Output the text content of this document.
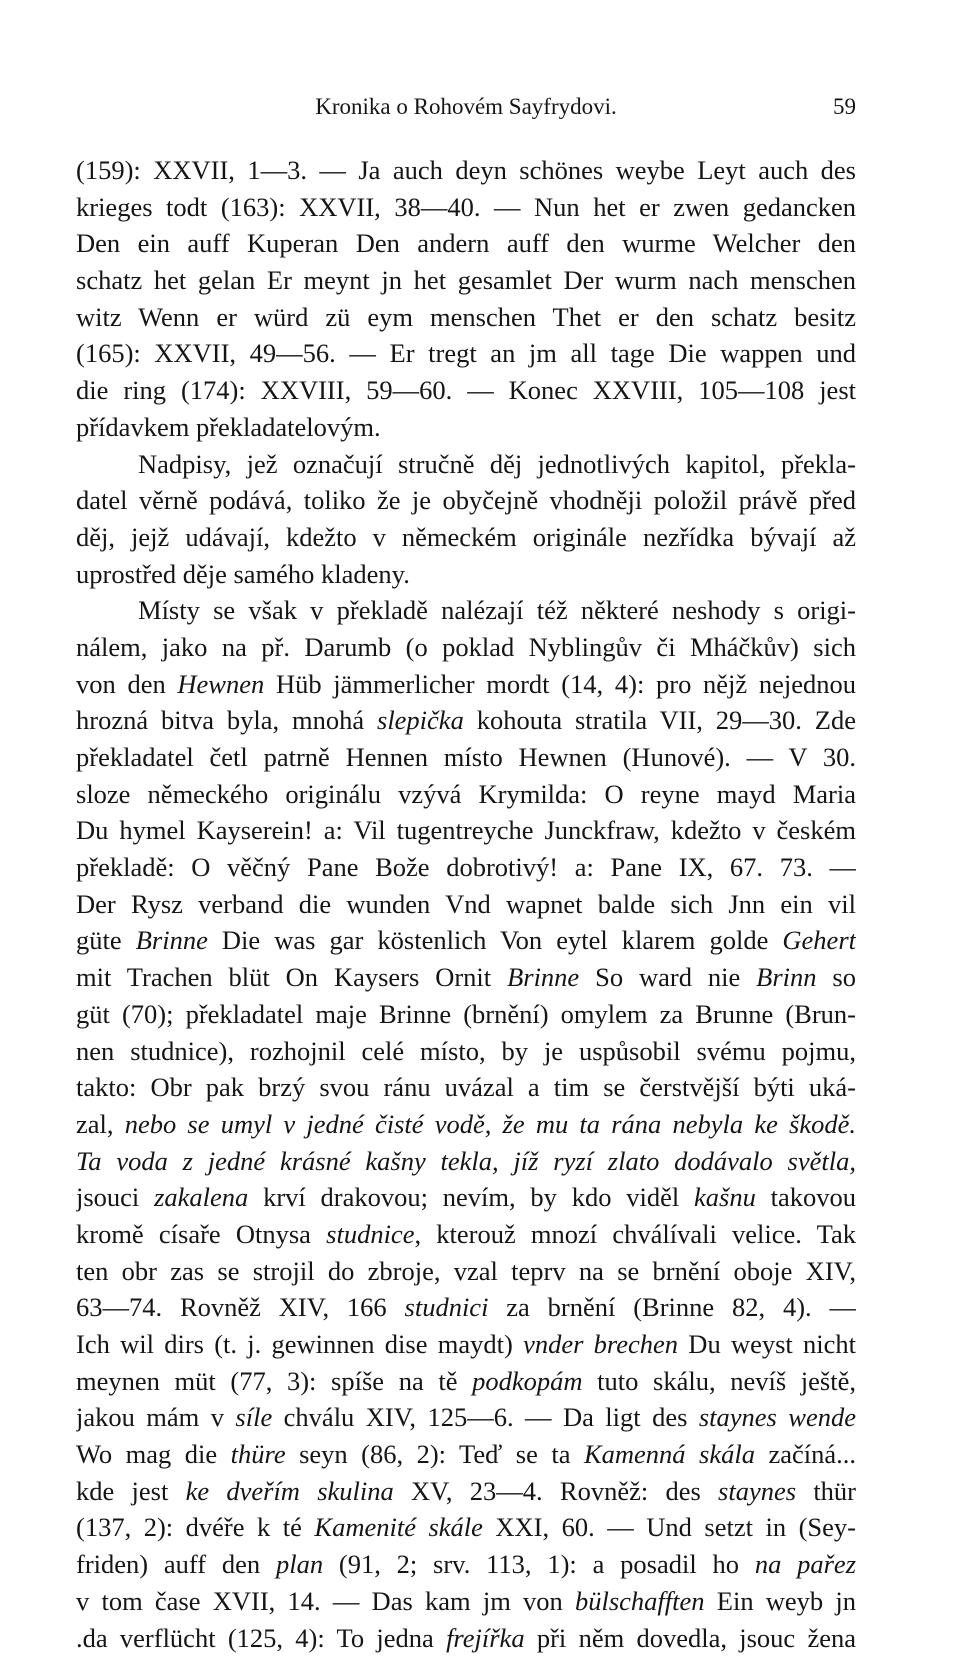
Kronika o Rohovém Sayfrydovi.	59
(159): XXVII, 1—3. — Ja auch deyn schönes weybe Leyt auch des
krieges todt (163): XXVII, 38—40. — Nun het er zwen gedancken
Den ein auff Kuperan Den andern auff den wurme Welcher den
schatz het gelan Er meynt jn het gesamlet Der wurm nach menschen
witz Wenn er würd zü eym menschen Thet er den schatz besitz
(165): XXVII, 49—56. — Er tregt an jm all tage Die wappen und
die ring (174): XXVIII, 59—60. — Konec XXVIII, 105—108 jest
přídavkem překladatelovým.
Nadpisy, jež označují stručně děj jednotlivých kapitol, překla-
datel věrně podává, toliko že je obyčejně vhodněji položil právě před
děj, jejž udávají, kdežto v německém originále nezřídka bývají až
uprostřed děje samého kladeny.
Místy se však v překladě nalézají též některé neshody s origi-
nálem, jako na př. Darumb (o poklad Nyblingův či Mháčkův) sich
von den Hewnen Hüb jämmerlicher mordt (14, 4): pro nějž nejednou
hrozná bitva byla, mnohá slepička kohouta stratila VII, 29—30. Zde
překladatel četl patrně Hennen místo Hewnen (Hunové). — V 30.
sloze německého originálu vzývá Krymilda: O reyne mayd Maria
Du hymel Kayserein! a: Vil tugentreyche Junckfraw, kdežto v českém
překladě: O věčný Pane Bože dobrotivý! a: Pane IX, 67. 73. —
Der Rysz verband die wunden Vnd wapnet balde sich Jnn ein vil
güte Brinne Die was gar köstenlich Von eytel klarem golde Gehert
mit Trachen blüt On Kaysers Ornit Brinne So ward nie Brinn so
güt (70); překladatel maje Brinne (brnění) omylem za Brunne (Brun-
nen studnice), rozhojnil celé místo, by je uspůsobil svému pojmu,
takto: Obr pak brzý svou ránu uvázal a tim se čerstvější býti uká-
zal, nebo se umyl v jedné čisté vodě, že mu ta rána nebyla ke škodě.
Ta voda z jedné krásné kašny tekla, jíž ryzí zlato dodávalo světla,
jsouci zakalena krví drakovou; nevím, by kdo viděl kašnu takovou
kromě císaře Otnysa studnice, kterouž mnozí chválívali velice. Tak
ten obr zas se strojil do zbroje, vzal teprv na se brnění oboje XIV,
63—74. Rovněž XIV, 166 studnici za brnění (Brinne 82, 4). —
Ich wil dirs (t. j. gewinnen dise maydt) vnder brechen Du weyst nicht
meynen müt (77, 3): spíše na tě podkopám tuto skálu, nevíš ještě,
jakou mám v síle chválu XIV, 125—6. — Da ligt des staynes wende
Wo mag die thüre seyn (86, 2): Teď se ta Kamenná skála začíná...
kde jest ke dveřím skulina XV, 23—4. Rovněž: des staynes thür
(137, 2): dvéře k té Kamenité skále XXI, 60. — Und setzt in (Sey-
friden) auff den plan (91, 2; srv. 113, 1): a posadil ho na pařez
v tom čase XVII, 14. — Das kam jm von bülschafften Ein weyb jn
.da verflücht (125, 4): To jedna frejířka při něm dovedla, jsouc žena
